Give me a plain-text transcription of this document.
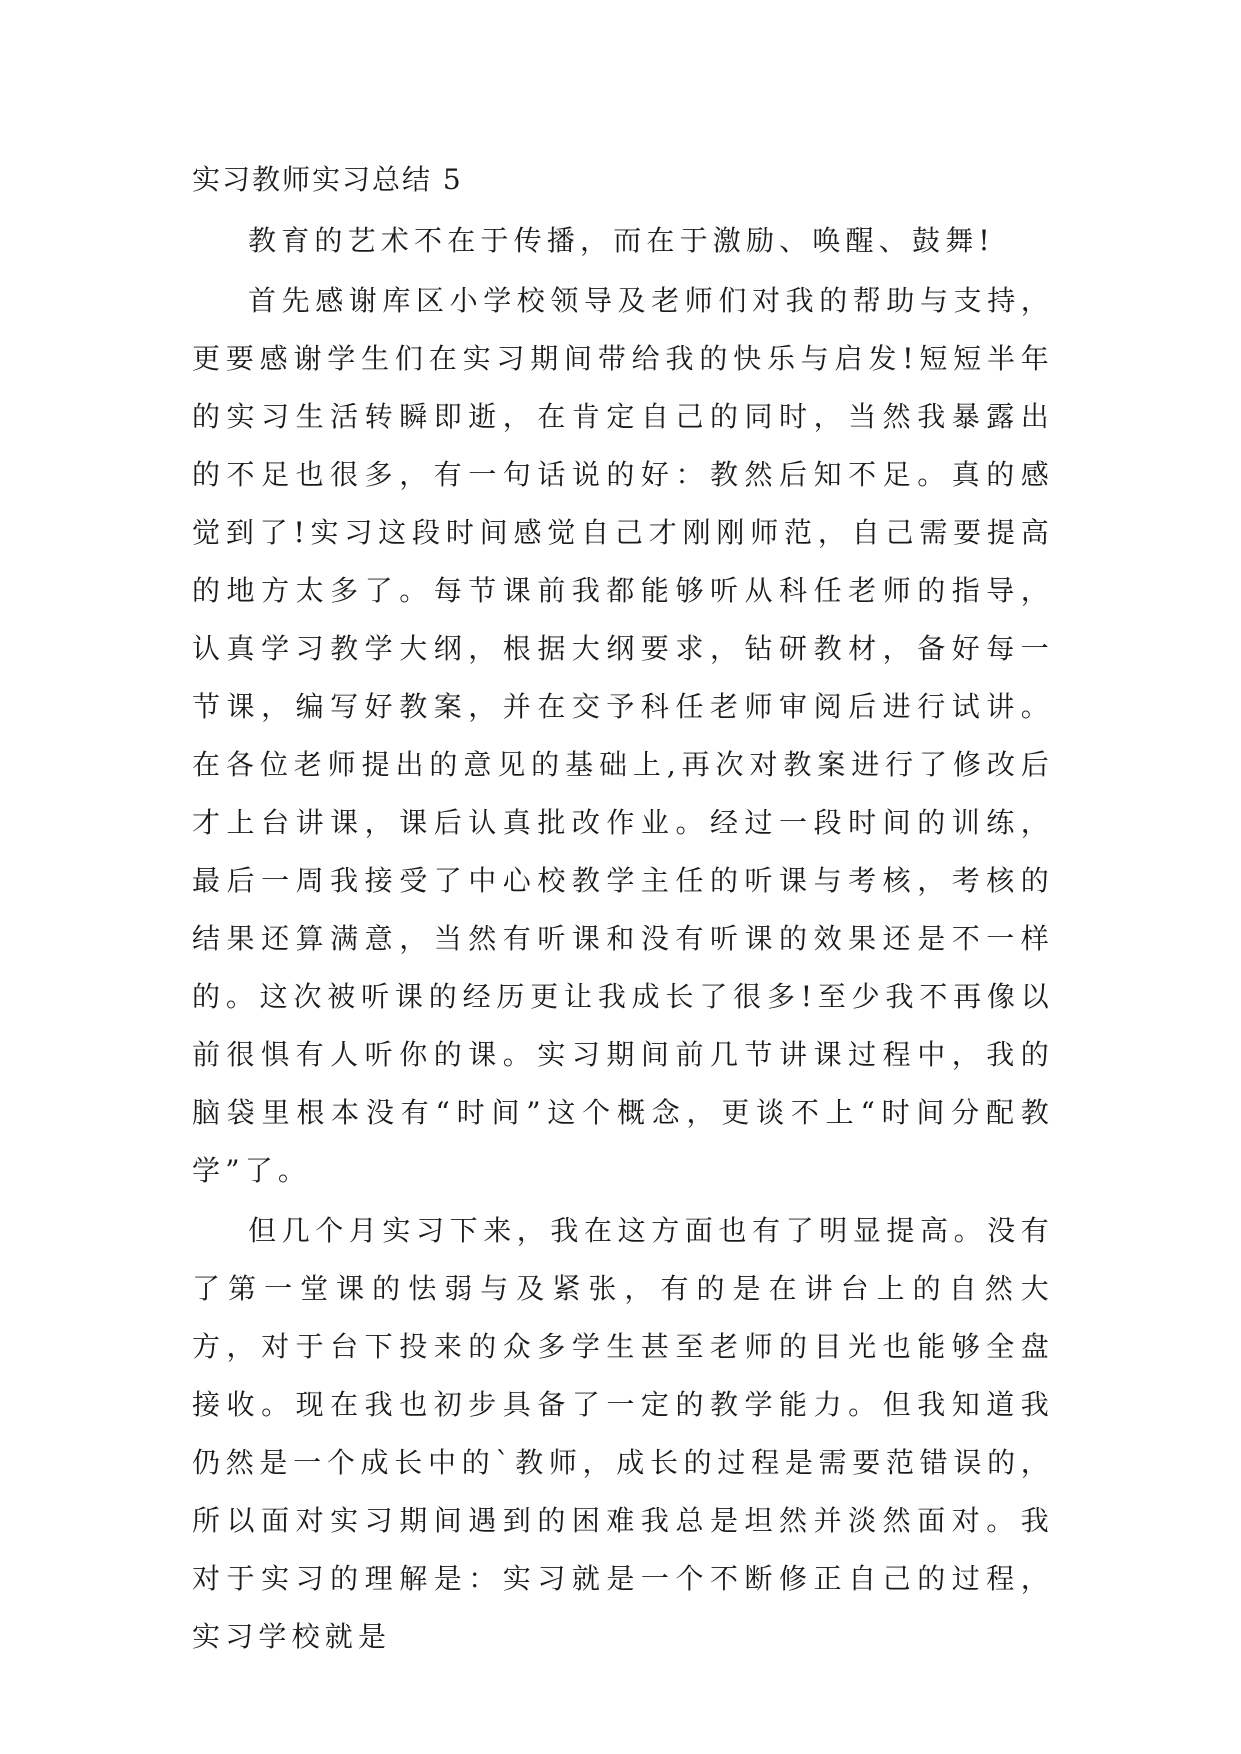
实习教师实习总结 5

教育的艺术不在于传播，而在于激励、唤醒、鼓舞!

首先感谢库区小学校领导及老师们对我的帮助与支持，更要感谢学生们在实习期间带给我的快乐与启发!短短半年的实习生活转瞬即逝，在肯定自己的同时，当然我暴露出的不足也很多，有一句话说的好：教然后知不足。真的感觉到了!实习这段时间感觉自己才刚刚师范，自己需要提高的地方太多了。每节课前我都能够听从科任老师的指导，认真学习教学大纲，根据大纲要求，钻研教材，备好每一节课，编写好教案，并在交予科任老师审阅后进行试讲。在各位老师提出的意见的基础上,再次对教案进行了修改后才上台讲课，课后认真批改作业。经过一段时间的训练，最后一周我接受了中心校教学主任的听课与考核，考核的结果还算满意，当然有听课和没有听课的效果还是不一样的。这次被听课的经历更让我成长了很多!至少我不再像以前很惧有人听你的课。实习期间前几节讲课过程中，我的脑袋里根本没有“时间”这个概念，更谈不上“时间分配教学”了。

但几个月实习下来，我在这方面也有了明显提高。没有了第一堂课的怯弱与及紧张，有的是在讲台上的自然大方，对于台下投来的众多学生甚至老师的目光也能够全盘接收。现在我也初步具备了一定的教学能力。但我知道我仍然是一个成长中的`教师，成长的过程是需要范错误的，所以面对实习期间遇到的困难我总是坦然并淡然面对。我对于实习的理解是：实习就是一个不断修正自己的过程，实习学校就是
